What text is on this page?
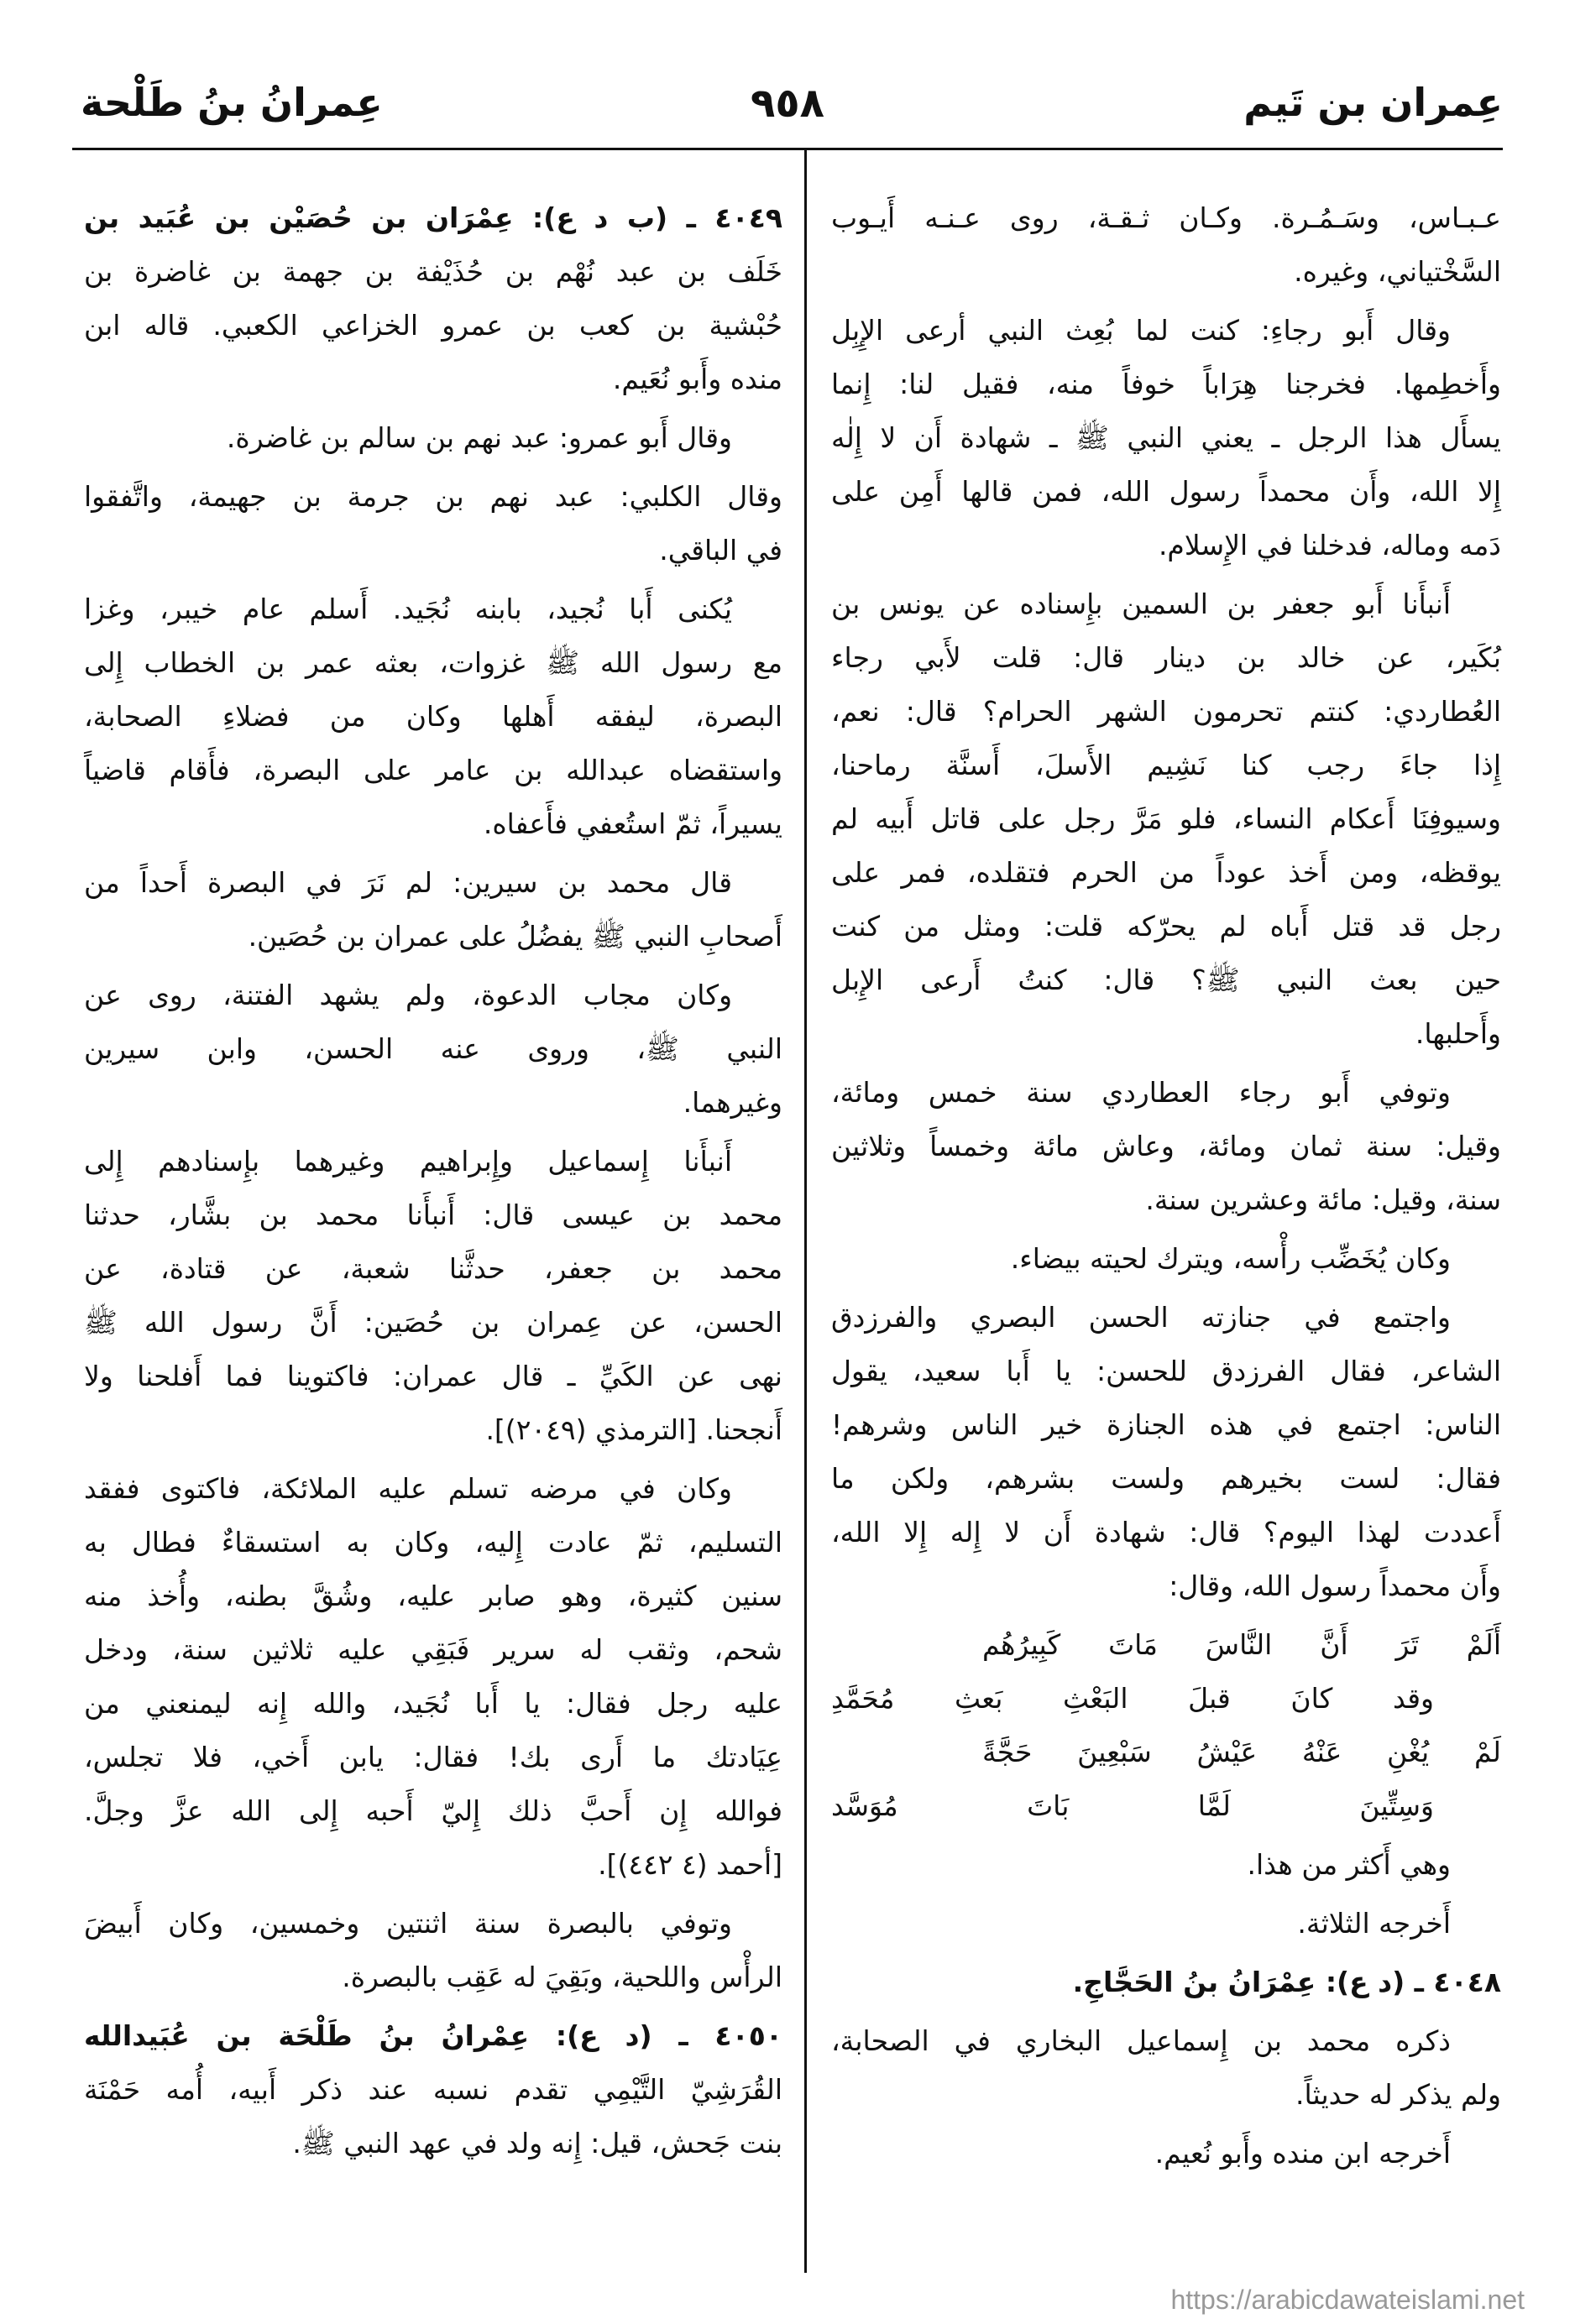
عِمران بن تَيم
٩٥٨
عِمرانُ بنُ طَلْحة
عـبـاس، وسَـمُـرة. وكـان ثـقـة، روى عـنـه أَيـوب
السَّخْتياني، وغيره.
وقال أَبو رجاءِ: كنت لما بُعِث النبي أرعى الإِبِل
وأَخطِمها. فخرجنا هِرَاباً خوفاً منه، فقيل لنا: إِنما
يسأَل هذا الرجل ـ يعني النبي ﷺ ـ شهادة أَن لا إِلٰه
إِلا الله، وأَن محمداً رسول الله، فمن قالها أَمِن على
دَمه وماله، فدخلنا في الإِسلام.
أَنبأَنا أَبو جعفر بن السمين بإِسناده عن يونس بن
بُكَير، عن خالد بن دينار قال: قلت لأَبي رجاء
العُطاردي: كنتم تحرمون الشهر الحرام؟ قال: نعم،
إِذا جاءَ رجب كنا نَشِيم الأَسلَ، أَسنَّة رماحنا،
وسيوفِنَا أَعكام النساء، فلو مَرَّ رجل على قاتل أَبيه لم
يوقظه، ومن أَخذ عوداً من الحرم فتقلده، فمر على
رجل قد قتل أَباه لم يحرّكه قلت: ومثل من كنت
حين بعث النبي ﷺ؟ قال: كنتُ أَرعى الإِبل
وأَحلبها.
وتوفي أَبو رجاء العطاردي سنة خمس ومائة،
وقيل: سنة ثمان ومائة، وعاش مائة وخمساً وثلاثين
سنة، وقيل: مائة وعشرين سنة.
وكان يُخَضِّب رأْسه، ويترك لحيته بيضاء.
واجتمع في جنازته الحسن البصري والفرزدق
الشاعر، فقال الفرزدق للحسن: يا أَبا سعيد، يقول
الناس: اجتمع في هذه الجنازة خير الناس وشرهم!
فقال: لست بخيرهم ولست بشرهم، ولكن ما
أَعددت لهذا اليوم؟ قال: شهادة أَن لا إِله إِلا الله،
وأَن محمداً رسول الله، وقال:
أَلَمْ تَرَ أَنَّ النَّاسَ مَاتَ كَبِيرُهُم
وقد كانَ قبلَ البَعْثِ بَعثِ مُحَمَّدِ
لَمْ يُغْنِ عَنْهُ عَيْشُ سَبْعِينَ حَجَّةً
وَسِتِّينَ لَمَّا بَاتَ مُوَسَّد
وهي أَكثر من هذا.
أَخرجه الثلاثة.
٤٠٤٨ ـ (د ع): عِمْرَانُ بنُ الحَجَّاجِ.
ذكره محمد بن إِسماعيل البخاري في الصحابة،
ولم يذكر له حديثاً.
أَخرجه ابن منده وأَبو نُعيم.
٤٠٤٩ ـ (ب د ع): عِمْرَان بن حُصَيْن بن عُبَيد بن
خَلَف بن عبد نُهْم بن حُذَيْفة بن جهمة بن غاضرة بن
حُبْشية بن كعب بن عمرو الخزاعي الكعبي. قاله ابن
منده وأَبو نُعَيم.
وقال أَبو عمرو: عبد نهم بن سالم بن غاضرة.
وقال الكلبي: عبد نهم بن جرمة بن جهيمة، واتَّفقوا
في الباقي.
يُكنى أَبا نُجيد، بابنه نُجَيد. أَسلم عام خيبر، وغزا
مع رسول الله ﷺ غزوات، بعثه عمر بن الخطاب إِلى
البصرة، ليفقه أَهلها وكان من فضلاءِ الصحابة،
واستقضاه عبدالله بن عامر على البصرة، فأَقام قاضياً
يسيراً، ثمّ استُعفي فأَعفاه.
قال محمد بن سيرين: لم نَرَ في البصرة أَحداً من
أَصحابِ النبي ﷺ يفضُلُ على عمران بن حُصَين.
وكان مجاب الدعوة، ولم يشهد الفتنة، روى عن
النبي ﷺ، وروى عنه الحسن، وابن سيرين
وغيرهما.
أَنبأَنا إِسماعيل وإِبراهيم وغيرهما بإِسنادهم إِلى
محمد بن عيسى قال: أَنبأَنا محمد بن بشَّار، حدثنا
محمد بن جعفر، حدثَّنا شعبة، عن قتادة، عن
الحسن، عن عِمران بن حُصَين: أَنَّ رسول الله ﷺ
نهى عن الكَيِّ ـ قال عمران: فاكتوينا فما أَفلحنا ولا
أَنجحنا. [الترمذي (٢٠٤٩)].
وكان في مرضه تسلم عليه الملائكة، فاكتوى ففقد
التسليم، ثمّ عادت إِليه، وكان به استسقاءٌ فطال به
سنين كثيرة، وهو صابر عليه، وشُقَّ بطنه، وأُخذ منه
شحم، وثقب له سرير فَبَقِي عليه ثلاثين سنة، ودخل
عليه رجل فقال: يا أَبا نُجَيد، والله إِنه ليمنعني من
عِيَادتك ما أَرى بك! فقال: يابن أَخي، فلا تجلس،
فوالله إِن أَحبَّ ذلك إِليّ أَحبه إِلى الله عزَّ وجلَّ.
[أحمد (٤ ٤٤٢)].
وتوفي بالبصرة سنة اثنتين وخمسين، وكان أَبيضَ
الرأْس واللحية، وبَقِيَ له عَقِب بالبصرة.
٤٠٥٠ ـ (د ع): عِمْرانُ بنُ طَلْحَة بن عُبَيدالله
القُرَشِيّ التَّيْمِي تقدم نسبه عند ذكر أَبيه، أُمه حَمْنَة
بنت جَحش، قيل: إِنه ولد في عهد النبي ﷺ.
https://arabicdawateislami.net
